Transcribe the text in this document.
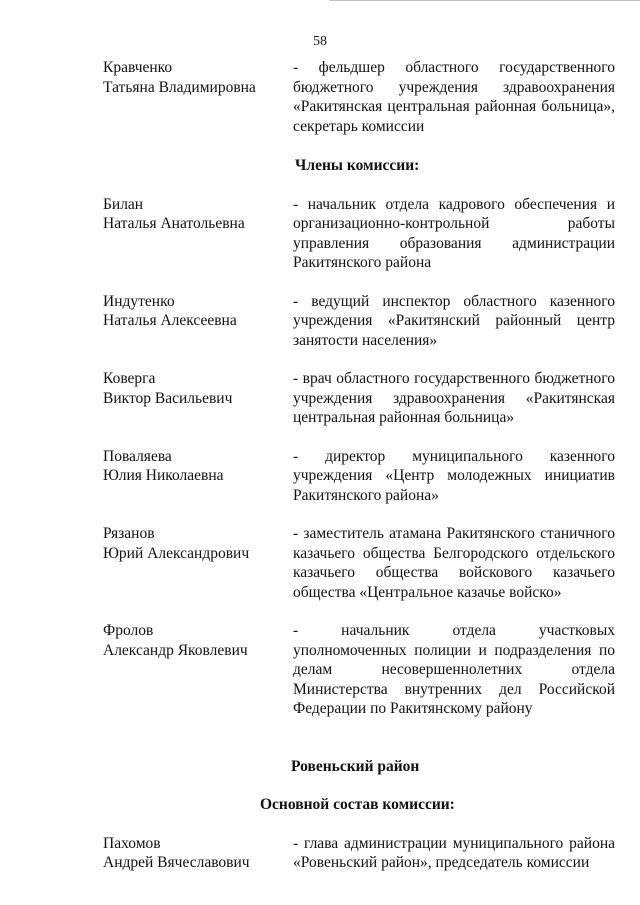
58
Кравченко
Татьяна Владимировна
- фельдшер областного государственного бюджетного учреждения здравоохранения «Ракитянская центральная районная больница», секретарь комиссии
Члены комиссии:
Билан
Наталья Анатольевна
- начальник отдела кадрового обеспечения и организационно-контрольной работы управления образования администрации Ракитянского района
Индутенко
Наталья Алексеевна
- ведущий инспектор областного казенного учреждения «Ракитянский районный центр занятости населения»
Коверга
Виктор Васильевич
- врач областного государственного бюджетного учреждения здравоохранения «Ракитянская центральная районная больница»
Поваляева
Юлия Николаевна
- директор муниципального казенного учреждения «Центр молодежных инициатив Ракитянского района»
Рязанов
Юрий Александрович
- заместитель атамана Ракитянского станичного казачьего общества Белгородского отдельского казачьего общества войскового казачьего общества «Центральное казачье войско»
Фролов
Александр Яковлевич
- начальник отдела участковых уполномоченных полиции и подразделения по делам несовершеннолетних отдела Министерства внутренних дел Российской Федерации по Ракитянскому району
Ровеньский район
Основной состав комиссии:
Пахомов
Андрей Вячеславович
- глава администрации муниципального района «Ровеньский район», председатель комиссии
